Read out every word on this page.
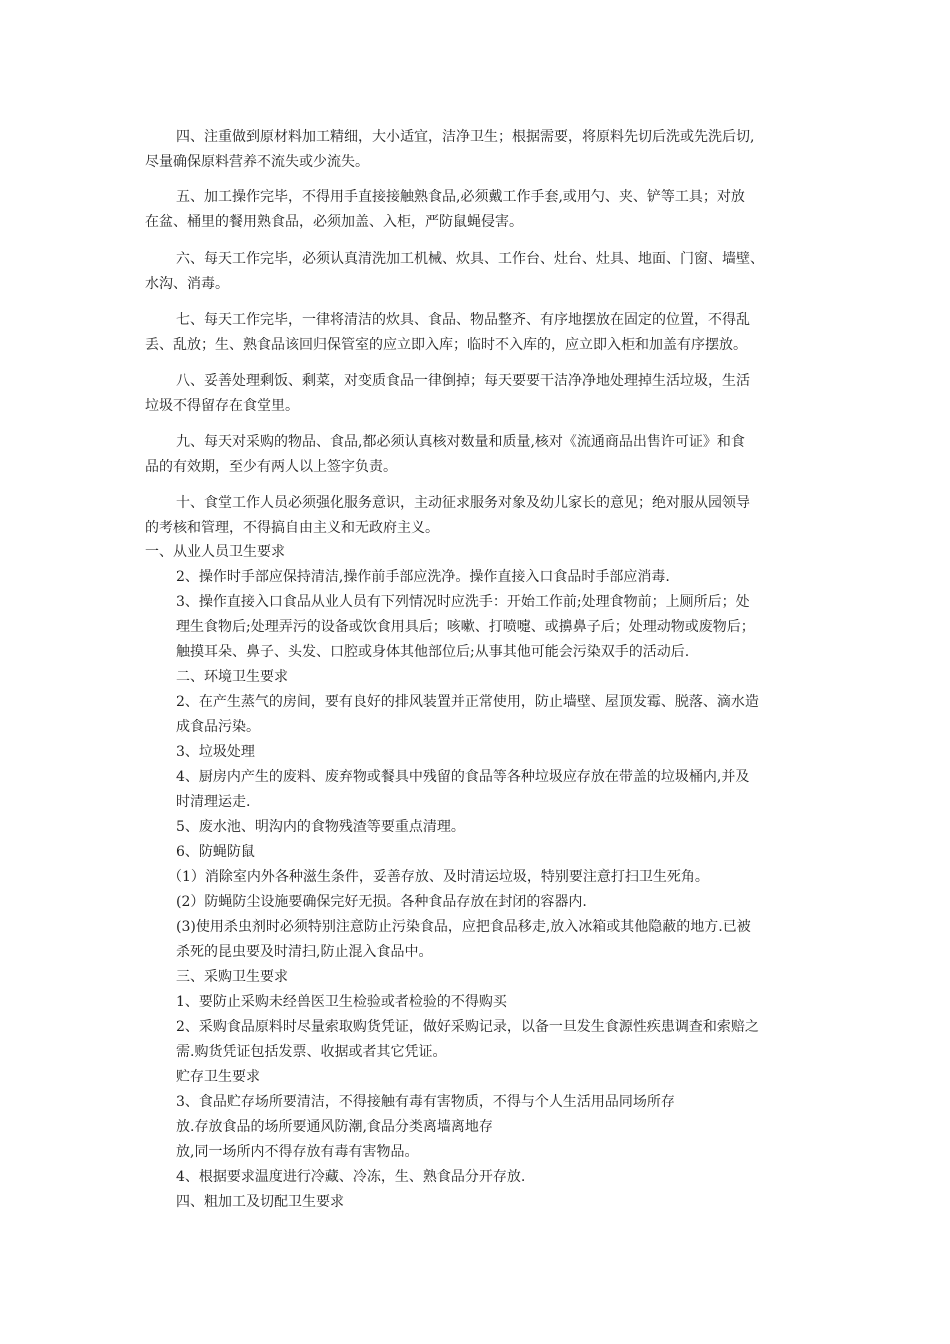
四、注重做到原材料加工精细，大小适宜，洁净卫生；根据需要，将原料先切后洗或先洗后切,

尽量确保原料营养不流失或少流失。

五、加工操作完毕，不得用手直接接触熟食品,必须戴工作手套,或用勺、夹、铲等工具；对放

在盆、桶里的餐用熟食品，必须加盖、入柜，严防鼠蝇侵害。

六、每天工作完毕，必须认真清洗加工机械、炊具、工作台、灶台、灶具、地面、门窗、墙壁、

水沟、消毒。

七、每天工作完毕，一律将清洁的炊具、食品、物品整齐、有序地摆放在固定的位置，不得乱

丢、乱放；生、熟食品该回归保管室的应立即入库；临时不入库的，应立即入柜和加盖有序摆放。

八、妥善处理剩饭、剩菜，对变质食品一律倒掉；每天要要干洁净净地处理掉生活垃圾，生活

垃圾不得留存在食堂里。

九、每天对采购的物品、食品,都必须认真核对数量和质量,核对《流通商品出售许可证》和食

品的有效期，至少有两人以上签字负责。

十、食堂工作人员必须强化服务意识，主动征求服务对象及幼儿家长的意见；绝对服从园领导

的考核和管理，不得搞自由主义和无政府主义。

一、从业人员卫生要求

2、操作时手部应保持清洁,操作前手部应洗净。操作直接入口食品时手部应消毒.

3、操作直接入口食品从业人员有下列情况时应洗手：开始工作前;处理食物前；上厕所后；处

理生食物后;处理弄污的设备或饮食用具后；咳嗽、打喷嚏、或擤鼻子后；处理动物或废物后；

触摸耳朵、鼻子、头发、口腔或身体其他部位后;从事其他可能会污染双手的活动后.

二、环境卫生要求

2、在产生蒸气的房间，要有良好的排风装置并正常使用，防止墙壁、屋顶发霉、脱落、滴水造

成食品污染。

3、垃圾处理

4、厨房内产生的废料、废弃物或餐具中残留的食品等各种垃圾应存放在带盖的垃圾桶内,并及

时清理运走.

5、废水池、明沟内的食物残渣等要重点清理。

6、防蝇防鼠

（1）消除室内外各种滋生条件，妥善存放、及时清运垃圾，特别要注意打扫卫生死角。

(2）防蝇防尘设施要确保完好无损。各种食品存放在封闭的容器内.

(3)使用杀虫剂时必须特别注意防止污染食品，应把食品移走,放入冰箱或其他隐蔽的地方.已被

杀死的昆虫要及时清扫,防止混入食品中。

三、采购卫生要求

1、要防止采购未经兽医卫生检验或者检验的不得购买

2、采购食品原料时尽量索取购货凭证，做好采购记录，以备一旦发生食源性疾患调查和索赔之

需.购货凭证包括发票、收据或者其它凭证。

贮存卫生要求

3、食品贮存场所要清洁，不得接触有毒有害物质，不得与个人生活用品同场所存

放.存放食品的场所要通风防潮,食品分类离墙离地存

放,同一场所内不得存放有毒有害物品。

4、根据要求温度进行冷藏、冷冻，生、熟食品分开存放.

四、粗加工及切配卫生要求
